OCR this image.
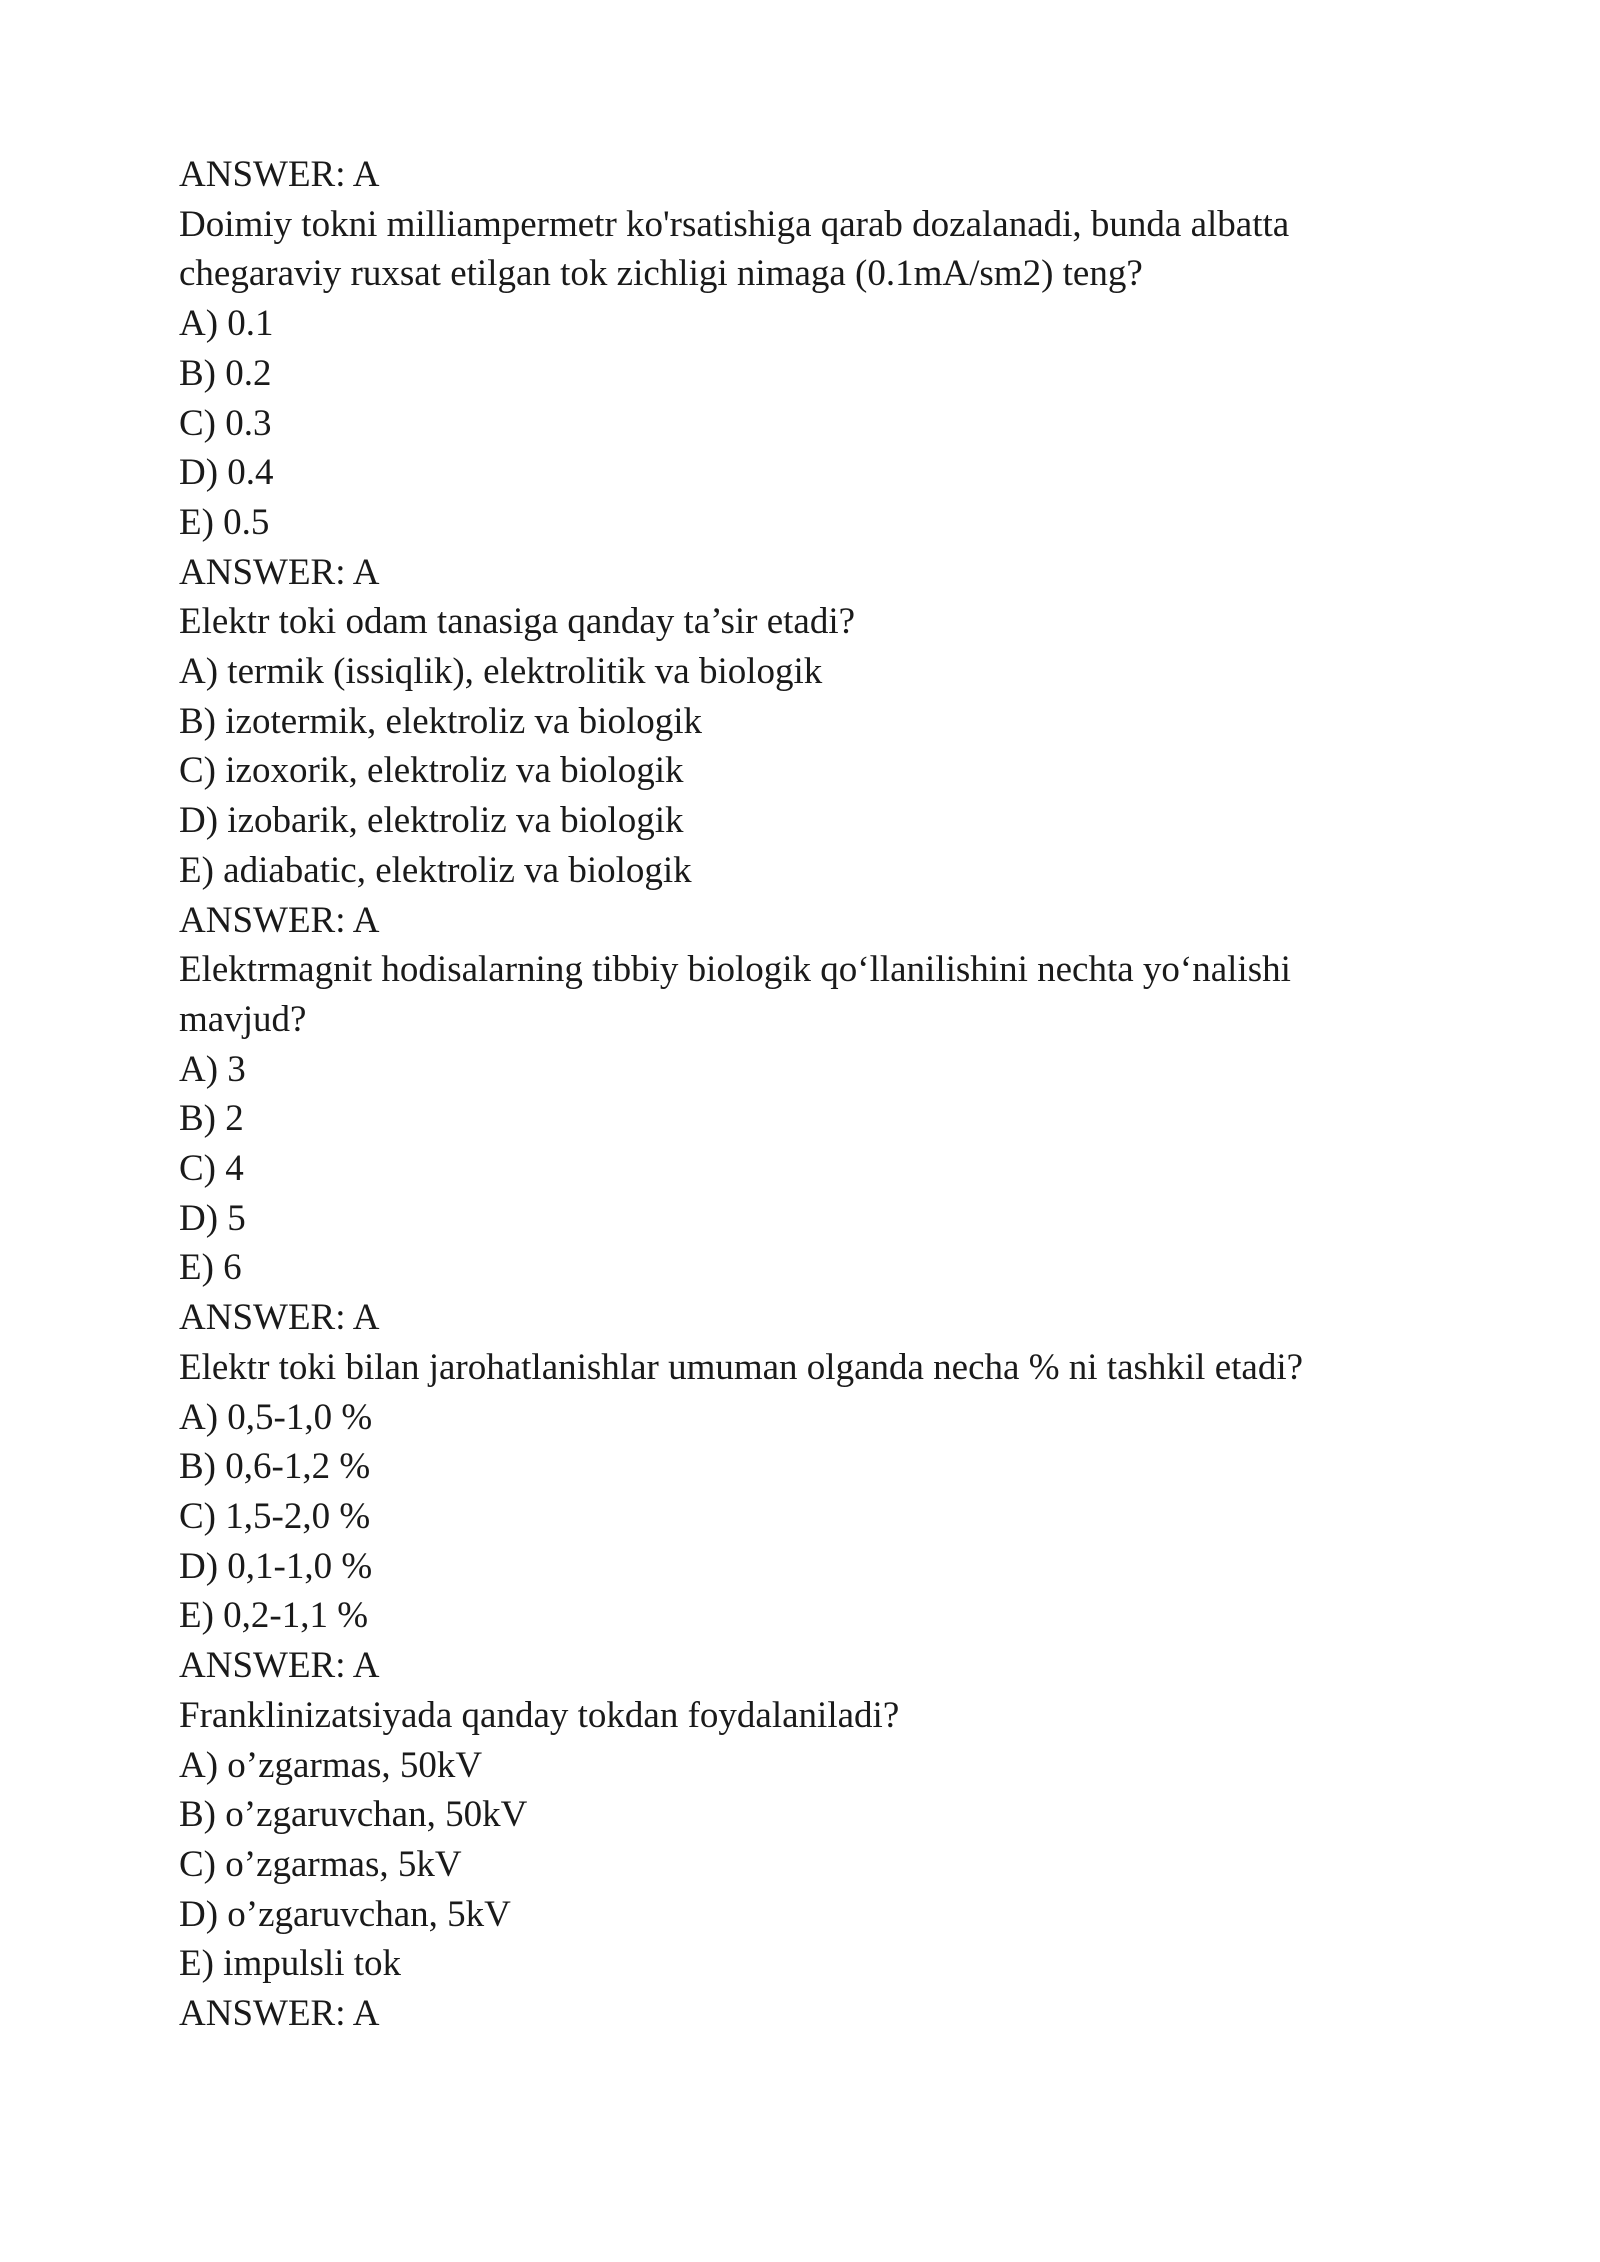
ANSWER: A
Doimiy tokni milliampermetr ko'rsatishiga qarab dozalanadi, bunda albatta
chegaraviy ruxsat etilgan tok zichligi nimaga (0.1mA/sm2) teng?
A) 0.1
B) 0.2
C) 0.3
D) 0.4
E) 0.5
ANSWER: A
Elektr toki odam tanasiga qanday ta’sir etadi?
A) termik (issiqlik), elektrolitik va biologik
B) izotermik, elektroliz va biologik
C) izoxorik, elektroliz va biologik
D) izobarik, elektroliz va biologik
E) adiabatic, elektroliz va biologik
ANSWER: A
Elektrmagnit hodisalarning tibbiy biologik qo‘llanilishini nechta yo‘nalishi
mavjud?
A) 3
B) 2
C) 4
D) 5
E) 6
ANSWER: A
Elektr toki bilan jarohatlanishlar umuman olganda necha % ni tashkil etadi?
A) 0,5-1,0 %
B) 0,6-1,2 %
C) 1,5-2,0 %
D) 0,1-1,0 %
E) 0,2-1,1 %
ANSWER: A
Franklinizatsiyada qanday tokdan foydalaniladi?
A) o’zgarmas, 50kV
B) o’zgaruvchan, 50kV
C) o’zgarmas, 5kV
D) o’zgaruvchan, 5kV
E) impulsli tok
ANSWER: A
